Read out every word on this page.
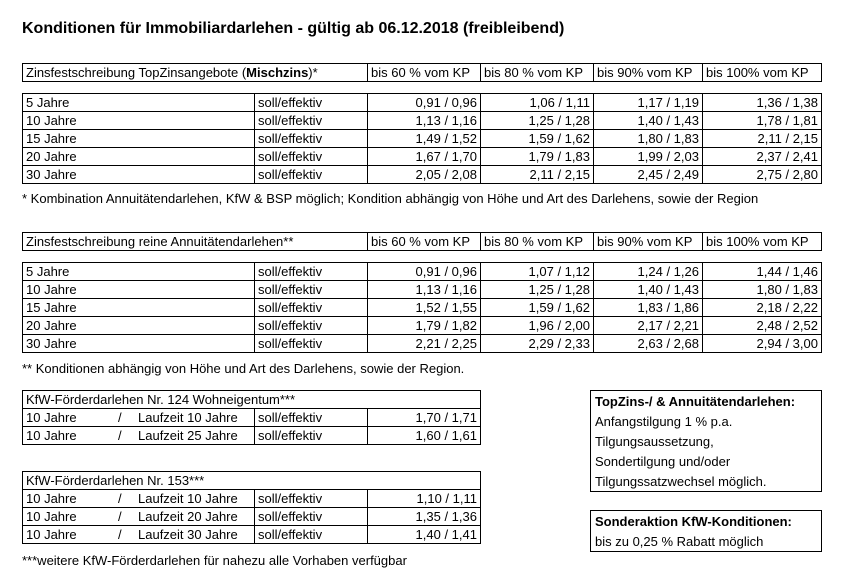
Konditionen für Immobiliardarlehen - gültig ab 06.12.2018 (freibleibend)
Zinsfestschreibung TopZinsangebote (Mischzins)*	bis 60 % vom KP	bis 80 % vom KP	bis 90% vom KP	bis 100% vom KP
5 Jahre	soll/effektiv	0,91 / 0,96	1,06 / 1,11	1,17 / 1,19	1,36 / 1,38
10 Jahre	soll/effektiv	1,13 / 1,16	1,25 / 1,28	1,40 / 1,43	1,78 / 1,81
15 Jahre	soll/effektiv	1,49 / 1,52	1,59 / 1,62	1,80 / 1,83	2,11 / 2,15
20 Jahre	soll/effektiv	1,67 / 1,70	1,79 / 1,83	1,99 / 2,03	2,37 / 2,41
30 Jahre	soll/effektiv	2,05 / 2,08	2,11 / 2,15	2,45 / 2,49	2,75 / 2,80
* Kombination Annuitätendarlehen, KfW & BSP möglich; Kondition abhängig von Höhe und Art des Darlehens, sowie der Region
Zinsfestschreibung reine Annuitätendarlehen**	bis 60 % vom KP	bis 80 % vom KP	bis 90% vom KP	bis 100% vom KP
5 Jahre	soll/effektiv	0,91 / 0,96	1,07 / 1,12	1,24 / 1,26	1,44 / 1,46
10 Jahre	soll/effektiv	1,13 / 1,16	1,25 / 1,28	1,40 / 1,43	1,80 / 1,83
15 Jahre	soll/effektiv	1,52 / 1,55	1,59 / 1,62	1,83 / 1,86	2,18 / 2,22
20 Jahre	soll/effektiv	1,79 / 1,82	1,96 / 2,00	2,17 / 2,21	2,48 / 2,52
30 Jahre	soll/effektiv	2,21 / 2,25	2,29 / 2,33	2,63 / 2,68	2,94 / 3,00
** Konditionen abhängig von Höhe und Art des Darlehens, sowie der Region.
KfW-Förderdarlehen Nr. 124 Wohneigentum***		
10 Jahre / Laufzeit 10 Jahre	soll/effektiv	1,70 / 1,71
10 Jahre / Laufzeit 25 Jahre	soll/effektiv	1,60 / 1,61
KfW-Förderdarlehen Nr. 153***		
10 Jahre / Laufzeit 10 Jahre	soll/effektiv	1,10 / 1,11
10 Jahre / Laufzeit 20 Jahre	soll/effektiv	1,35 / 1,36
10 Jahre / Laufzeit 30 Jahre	soll/effektiv	1,40 / 1,41
***weitere KfW-Förderdarlehen für nahezu alle Vorhaben verfügbar
TopZins-/ & Annuitätendarlehen:
Anfangstilgung 1 % p.a.
Tilgungsaussetzung,
Sondertilgung und/oder
Tilgungssatzwechsel möglich.
Sonderaktion KfW-Konditionen:
bis zu 0,25 % Rabatt möglich
